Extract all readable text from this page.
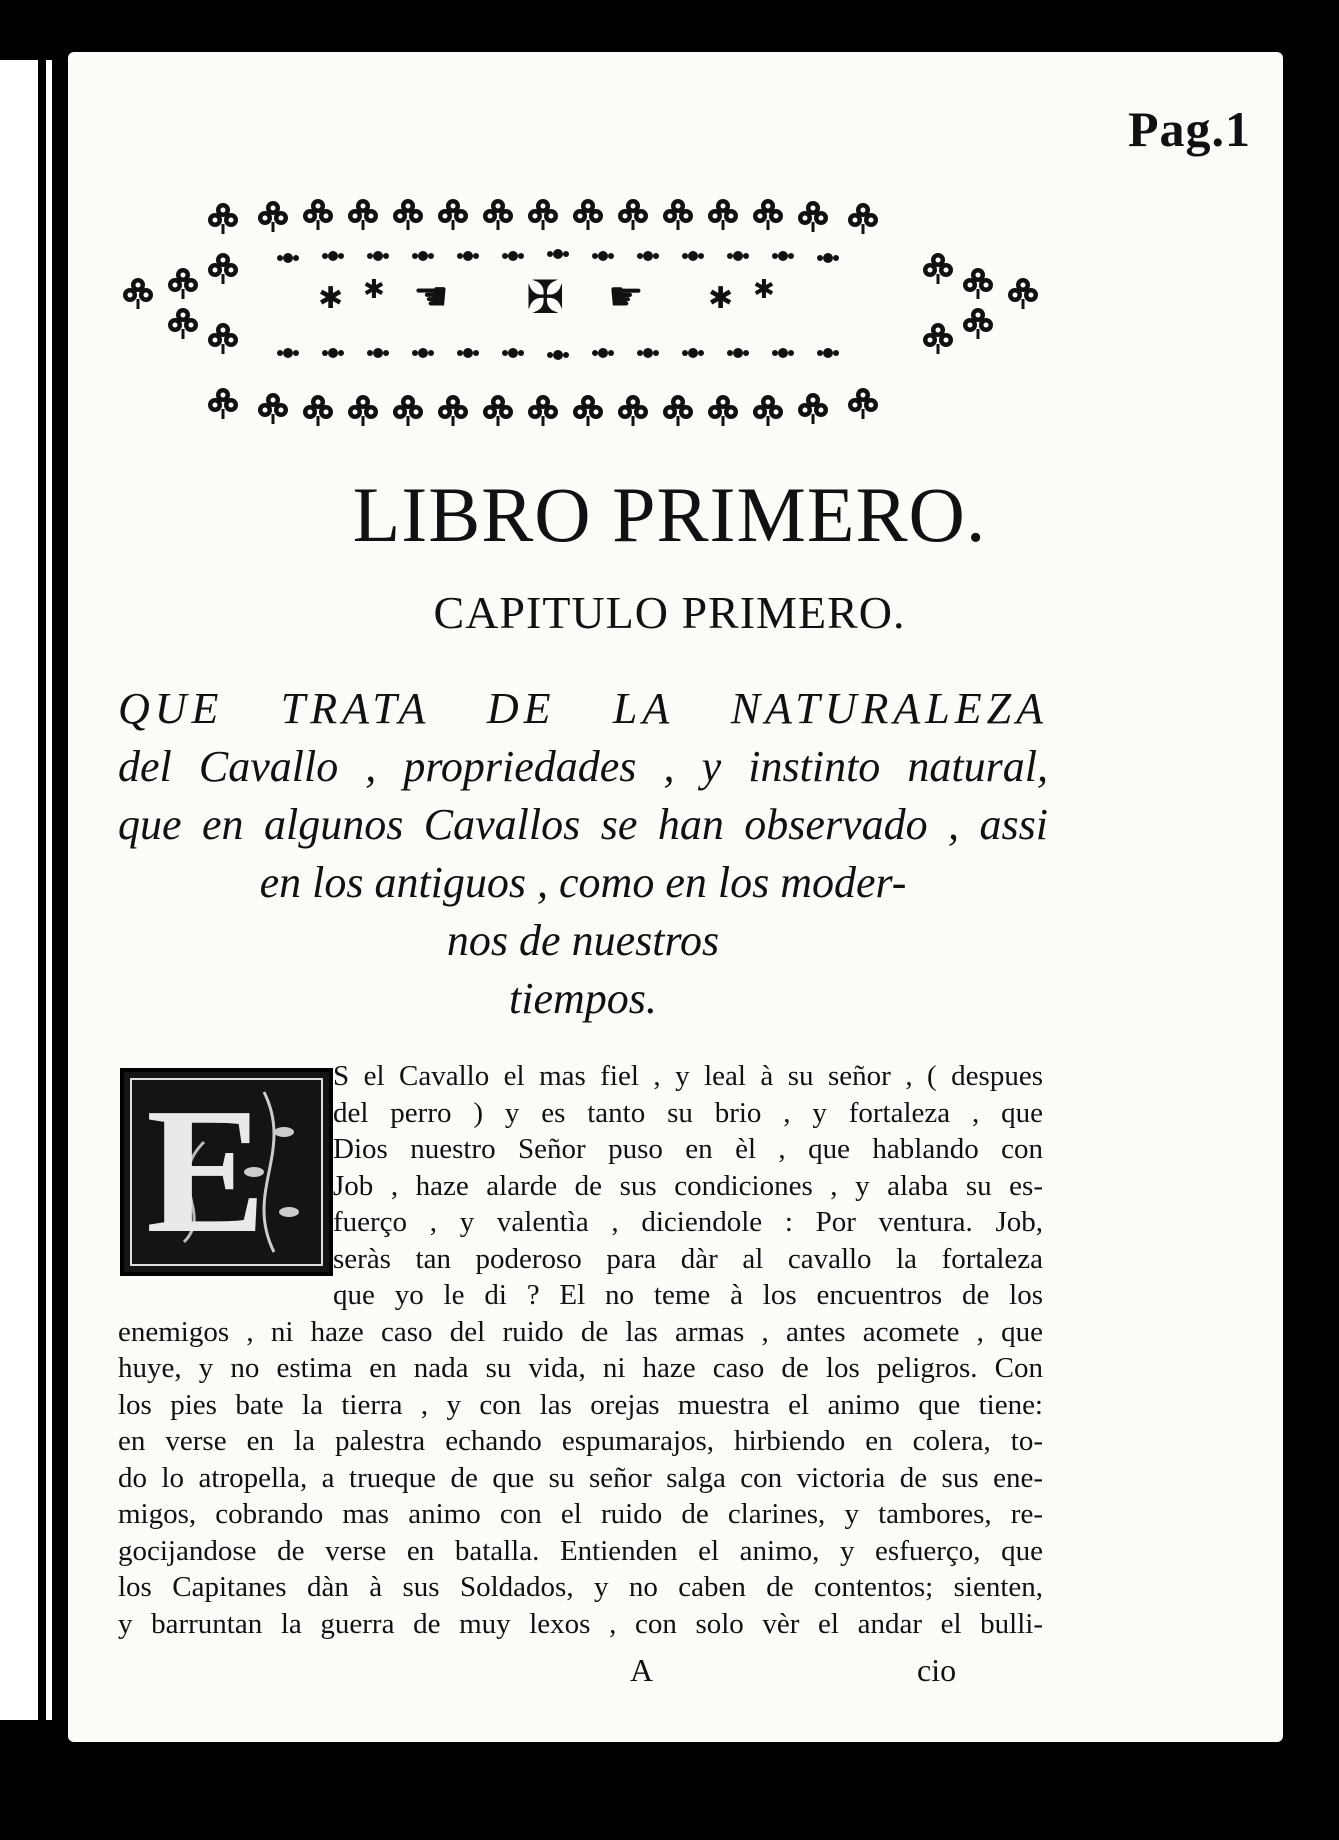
Pag.1
✱ ✱ ☚ ✠ ☛ ✱ ✱
LIBRO PRIMERO.
CAPITULO PRIMERO.
QUE TRATA DE LA NATURALEZA
del Cavallo , propriedades , y instinto natural,
que en algunos Cavallos se han observado , assi
en los antiguos , como en los moder-
nos de nuestros
tiempos.
E	S el Cavallo el mas fiel , y leal à su señor , ( despues
del perro ) y es tanto su brio , y fortaleza , que
Dios nuestro Señor puso en èl , que hablando con
Job , haze alarde de sus condiciones , y alaba su es-
fuerço , y valentìa , diciendole : Por ventura. Job,
seràs tan poderoso para dàr al cavallo la fortaleza
que yo le di ? El no teme à los encuentros de los
enemigos , ni haze caso del ruido de las armas , antes acomete , que
huye, y no estima en nada su vida, ni haze caso de los peligros. Con
los pies bate la tierra , y con las orejas muestra el animo que tiene:
en verse en la palestra echando espumarajos, hirbiendo en colera, to-
do lo atropella, a trueque de que su señor salga con victoria de sus ene-
migos, cobrando mas animo con el ruido de clarines, y tambores, re-
gocijandose de verse en batalla. Entienden el animo, y esfuerço, que
los Capitanes dàn à sus Soldados, y no caben de contentos; sienten,
y barruntan la guerra de muy lexos , con solo vèr el andar el bulli-
A	cio
